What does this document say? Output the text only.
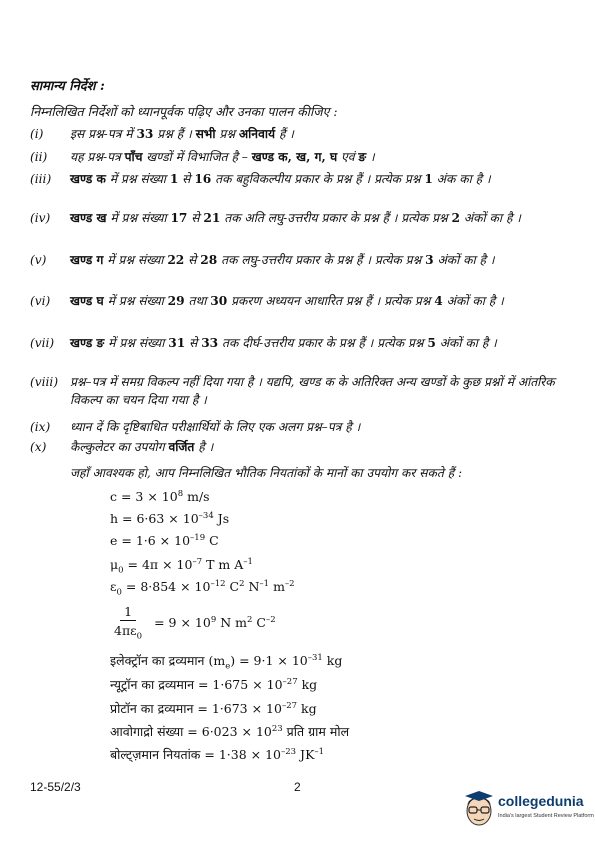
सामान्य निर्देश :

निम्नलिखित निर्देशों को ध्यानपूर्वक पढ़िए और उनका पालन कीजिए :

(i)	इस प्रश्न-पत्र में 33 प्रश्न हैं । सभी प्रश्न अनिवार्य हैं ।
(ii)	यह प्रश्न-पत्र पाँच खण्डों में विभाजित है – खण्ड क, ख, ग, घ एवं ङ ।
(iii)	खण्ड क में प्रश्न संख्या 1 से 16 तक बहुविकल्पीय प्रकार के प्रश्न हैं । प्रत्येक प्रश्न 1 अंक का है ।
(iv)	खण्ड ख में प्रश्न संख्या 17 से 21 तक अति लघु-उत्तरीय प्रकार के प्रश्न हैं । प्रत्येक प्रश्न 2 अंकों का है ।
(v)	खण्ड ग में प्रश्न संख्या 22 से 28 तक लघु-उत्तरीय प्रकार के प्रश्न हैं । प्रत्येक प्रश्न 3 अंकों का है ।
(vi)	खण्ड घ में प्रश्न संख्या 29 तथा 30 प्रकरण अध्ययन आधारित प्रश्न हैं । प्रत्येक प्रश्न 4 अंकों का है ।
(vii)	खण्ड ङ में प्रश्न संख्या 31 से 33 तक दीर्घ-उत्तरीय प्रकार के प्रश्न हैं । प्रत्येक प्रश्न 5 अंकों का है ।
(viii) प्रश्न–पत्र में समग्र विकल्प नहीं दिया गया है । यद्यपि, खण्ड क के अतिरिक्त अन्य खण्डों के कुछ प्रश्नों में आंतरिक विकल्प का चयन दिया गया है ।
(ix)	ध्यान दें कि दृष्टिबाधित परीक्षार्थियों के लिए एक अलग प्रश्न–पत्र है ।
(x)	कैल्कुलेटर का उपयोग वर्जित है ।

जहाँ आवश्यक हो, आप निम्नलिखित भौतिक नियतांकों के मानों का उपयोग कर सकते हैं :

$c = 3 \times 10^8$ m/s

$h = 6\cdot 63 \times 10^{-34}$ Js

$e = 1\cdot 6 \times 10^{-19}$ C

$\mu_0 = 4\pi \times 10^{-7}$ T m $A^{-1}$

$\varepsilon_0 = 8\cdot 854 \times 10^{-12}$ $C^2$ $N^{-1}$ $m^{-2}$

$\frac{1}{4\pi\varepsilon_0} = 9 \times 10^9$ N $m^2$ $C^{-2}$

इलेक्ट्रॉन का द्रव्यमान $(m_e) = 9\cdot 1 \times 10^{-31}$ kg

न्यूट्रॉन का द्रव्यमान = $1\cdot 675 \times 10^{-27}$ kg

प्रोटॉन का द्रव्यमान = $1\cdot 673 \times 10^{-27}$ kg

आवोगाद्रो संख्या = $6\cdot 023 \times 10^{23}$ प्रति ग्राम मोल

बोल्ट्ज़मान नियतांक = $1\cdot 38 \times 10^{-23}$ $JK^{-1}$

12-55/2/3	2
collegedunia
India's largest Student Review Platform
